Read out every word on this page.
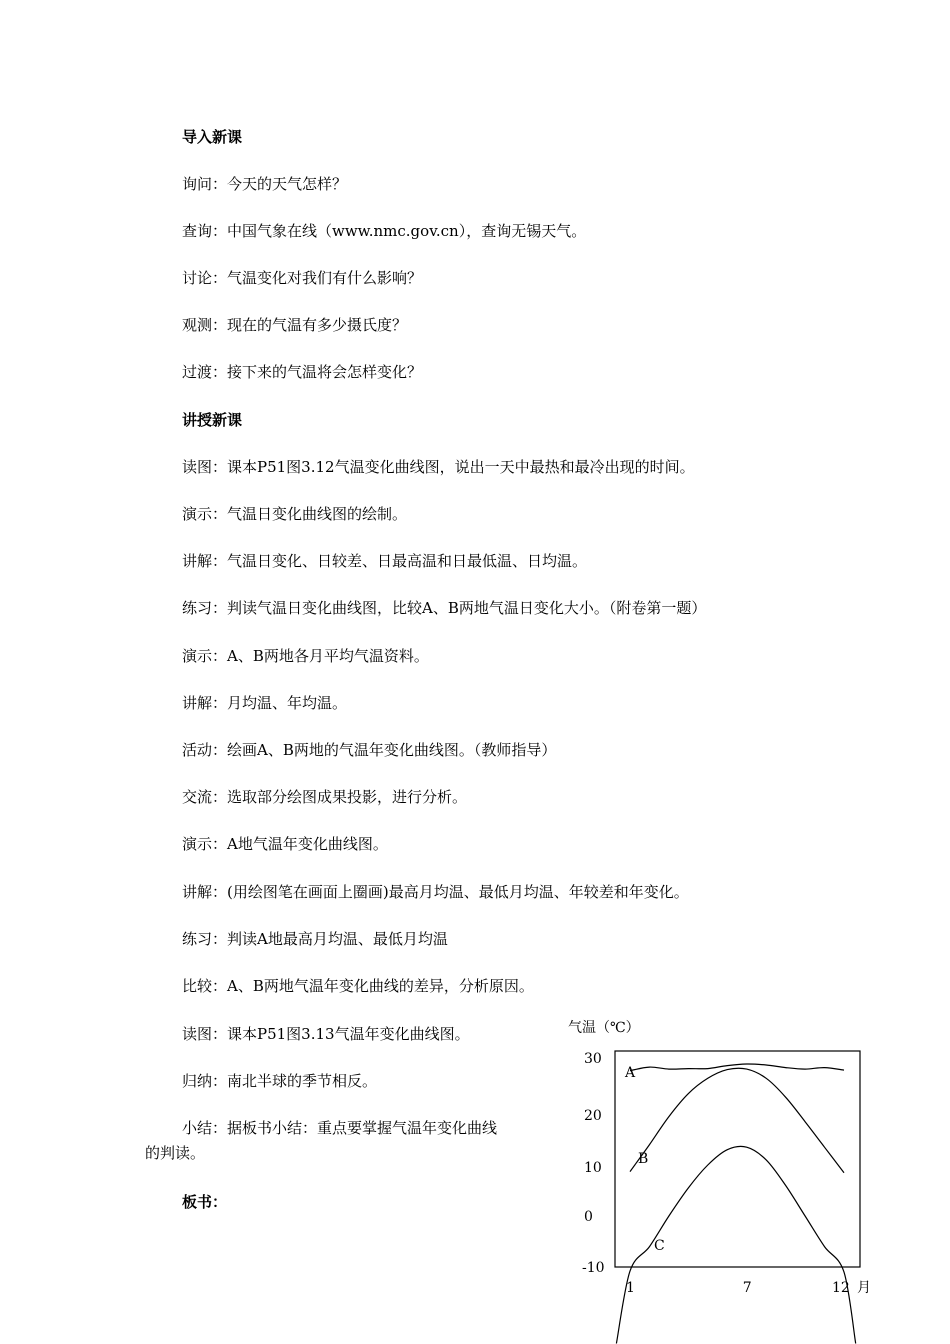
导入新课
询问：今天的天气怎样？
查询：中国气象在线（www.nmc.gov.cn），查询无锡天气。
讨论：气温变化对我们有什么影响？
观测：现在的气温有多少摄氏度？
过渡：接下来的气温将会怎样变化？
讲授新课
读图：课本P51图3.12气温变化曲线图，说出一天中最热和最冷出现的时间。
演示：气温日变化曲线图的绘制。
讲解：气温日变化、日较差、日最高温和日最低温、日均温。
练习：判读气温日变化曲线图，比较A、B两地气温日变化大小。（附卷第一题）
演示：A、B两地各月平均气温资料。
讲解：月均温、年均温。
活动：绘画A、B两地的气温年变化曲线图。（教师指导）
交流：选取部分绘图成果投影，进行分析。
演示：A地气温年变化曲线图。
讲解：(用绘图笔在画面上圈画)最高月均温、最低月均温、年较差和年变化。
练习：判读A地最高月均温、最低月均温
比较：A、B两地气温年变化曲线的差异，分析原因。
读图：课本P51图3.13气温年变化曲线图。
归纳：南北半球的季节相反。
小结：据板书小结：重点要掌握气温年变化曲线
的判读。
板书：
气温（℃）
30
20
10
0
-10
1	7	12 月
A
B
C
